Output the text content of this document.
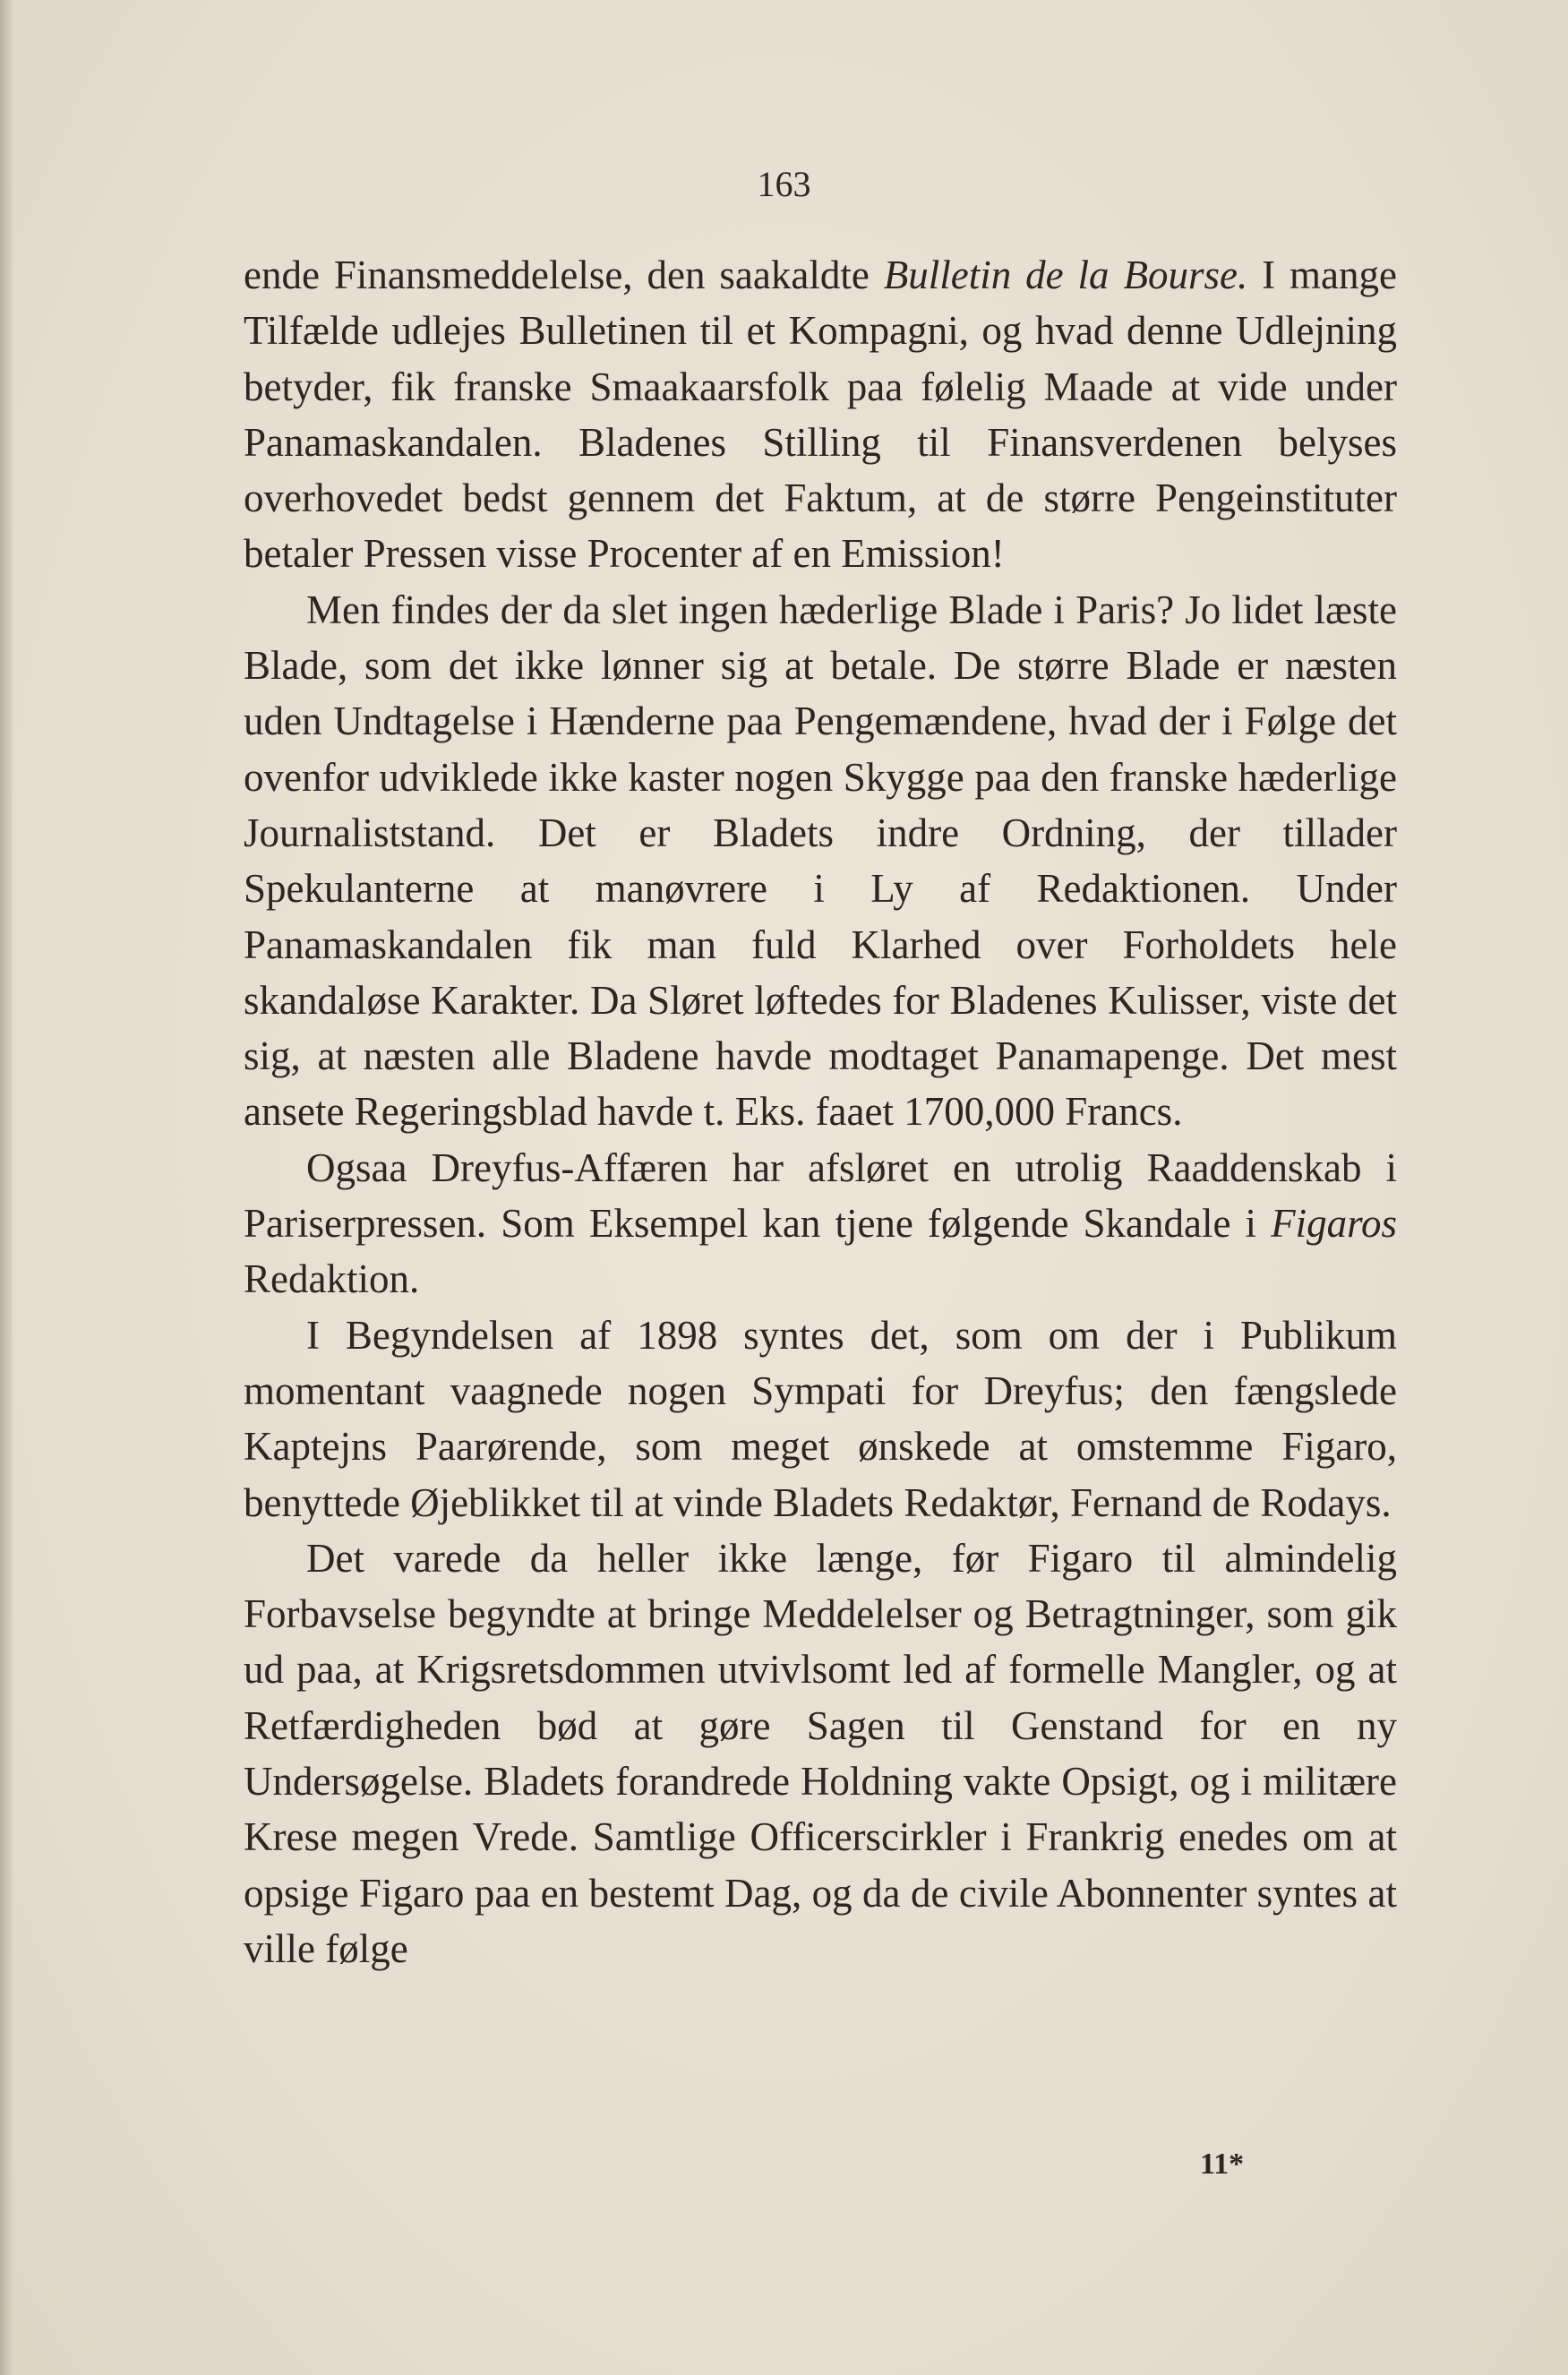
163

ende Finansmeddelelse, den saakaldte Bulletin de la Bourse. I mange Tilfælde udlejes Bulletinen til et Kompagni, og hvad denne Udlejning betyder, fik franske Smaakaarsfolk paa følelig Maade at vide under Panamaskandalen. Bladenes Stilling til Finansverdenen belyses overhovedet bedst gennem det Faktum, at de større Pengeinstituter betaler Pressen visse Procenter af en Emission!

Men findes der da slet ingen hæderlige Blade i Paris? Jo lidet læste Blade, som det ikke lønner sig at betale. De større Blade er næsten uden Undtagelse i Hænderne paa Pengemændene, hvad der i Følge det ovenfor udviklede ikke kaster nogen Skygge paa den franske hæderlige Journaliststand. Det er Bladets indre Ordning, der tillader Spekulanterne at manøvrere i Ly af Redaktionen. Under Panamaskandalen fik man fuld Klarhed over Forholdets hele skandaløse Karakter. Da Sløret løftedes for Bladenes Kulisser, viste det sig, at næsten alle Bladene havde modtaget Panamapenge. Det mest ansete Regeringsblad havde t. Eks. faaet 1700,000 Francs.

Ogsaa Dreyfus-Affæren har afsløret en utrolig Raaddenskab i Pariserpressen. Som Eksempel kan tjene følgende Skandale i Figaros Redaktion.

I Begyndelsen af 1898 syntes det, som om der i Publikum momentant vaagnede nogen Sympati for Dreyfus; den fængslede Kaptejns Paarørende, som meget ønskede at omstemme Figaro, benyttede Øjeblikket til at vinde Bladets Redaktør, Fernand de Rodays.

Det varede da heller ikke længe, før Figaro til almindelig Forbavselse begyndte at bringe Meddelelser og Betragtninger, som gik ud paa, at Krigsretsdommen utvivlsomt led af formelle Mangler, og at Retfærdigheden bød at gøre Sagen til Genstand for en ny Undersøgelse. Bladets forandrede Holdning vakte Opsigt, og i militære Krese megen Vrede. Samtlige Officerscirkler i Frankrig enedes om at opsige Figaro paa en bestemt Dag, og da de civile Abonnenter syntes at ville følge

11*
